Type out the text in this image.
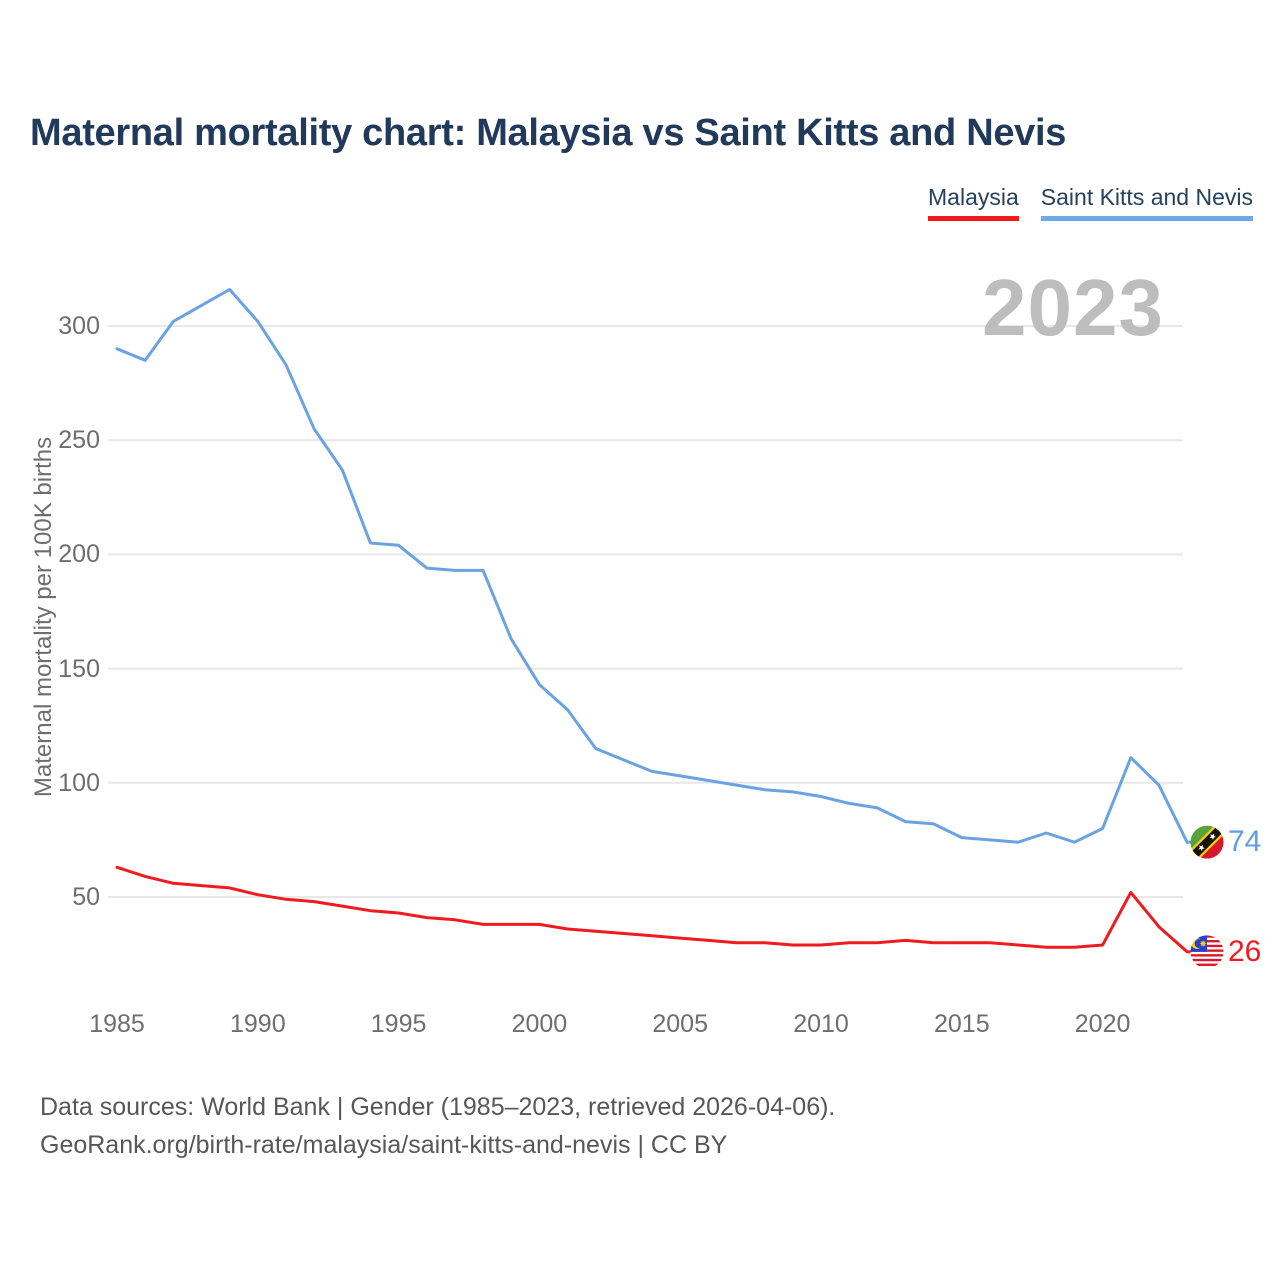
Maternal mortality chart: Malaysia vs Saint Kitts and Nevis
Malaysia Saint Kitts and Nevis
2023
50
100
150
200
250
300
1985	1990	1995	2000	2005	2010	2015	2020
Maternal mortality per 100K births
74
26
Data sources: World Bank | Gender (1985–2023, retrieved 2026-04-06).
GeoRank.org/birth-rate/malaysia/saint-kitts-and-nevis | CC BY
